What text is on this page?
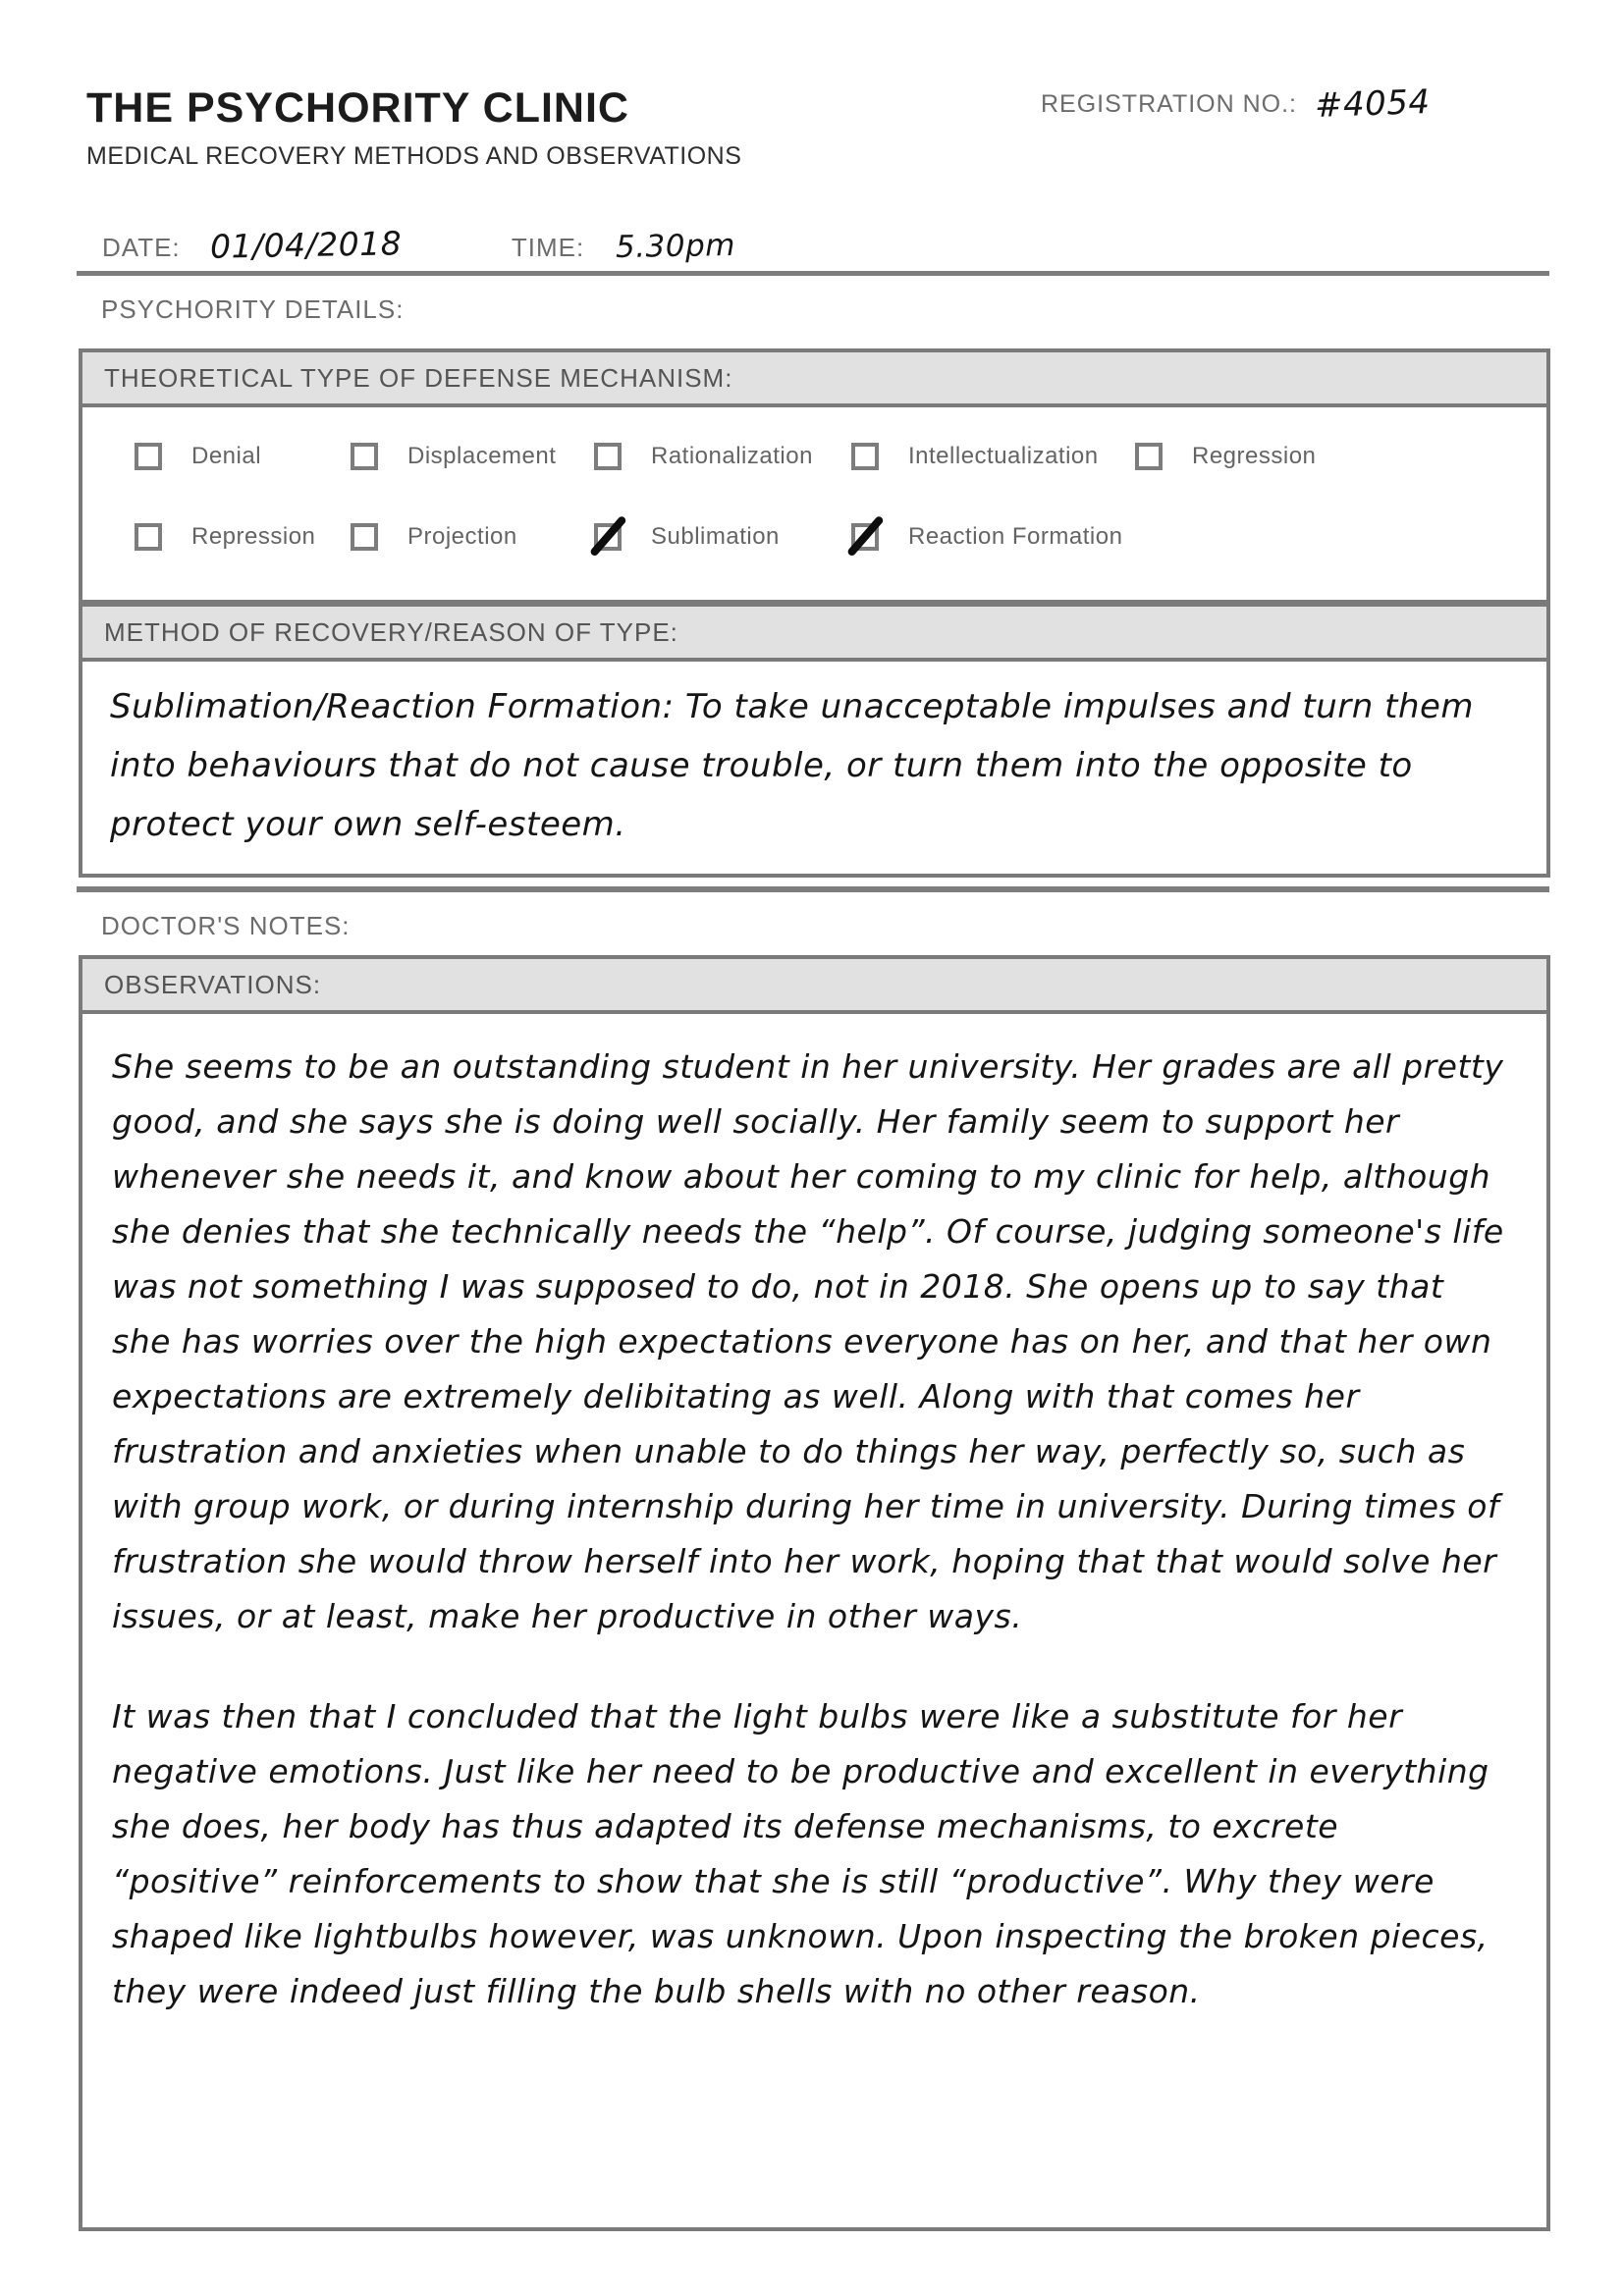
THE PSYCHORITY CLINIC
MEDICAL RECOVERY METHODS AND OBSERVATIONS
REGISTRATION NO.: #4054
DATE: 01/04/2018	TIME: 5.30pm
PSYCHORITY DETAILS:
THEORETICAL TYPE OF DEFENSE MECHANISM:
Denial	Displacement	Rationalization	Intellectualization	Regression
Repression	Projection	Sublimation	Reaction Formation
METHOD OF RECOVERY/REASON OF TYPE:
Sublimation/Reaction Formation: To take unacceptable impulses and turn them into behaviours that do not cause trouble, or turn them into the opposite to protect your own self-esteem.
DOCTOR'S NOTES:
OBSERVATIONS:

She seems to be an outstanding student in her university. Her grades are all pretty good, and she says she is doing well socially. Her family seem to support her whenever she needs it, and know about her coming to my clinic for help, although she denies that she technically needs the “help”. Of course, judging someone's life was not something I was supposed to do, not in 2018. She opens up to say that she has worries over the high expectations everyone has on her, and that her own expectations are extremely delibitating as well. Along with that comes her frustration and anxieties when unable to do things her way, perfectly so, such as with group work, or during internship during her time in university. During times of frustration she would throw herself into her work, hoping that that would solve her issues, or at least, make her productive in other ways.

It was then that I concluded that the light bulbs were like a substitute for her negative emotions. Just like her need to be productive and excellent in everything she does, her body has thus adapted its defense mechanisms, to excrete “positive” reinforcements to show that she is still “productive”. Why they were shaped like lightbulbs however, was unknown. Upon inspecting the broken pieces, they were indeed just filling the bulb shells with no other reason.
